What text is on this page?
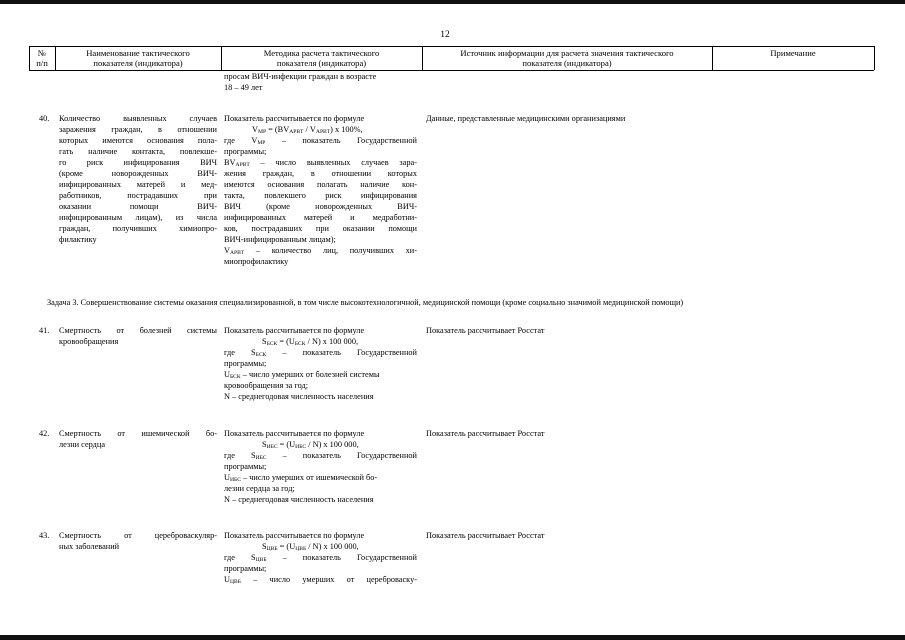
12
№
п/п
Наименование тактического
показателя (индикатора)
Методика расчета тактического
показателя (индикатора)
Источник информации для расчета значения тактического
показателя (индикатора)
Примечание
просам ВИЧ-инфекции граждан в возрасте
18 – 49 лет
40. Количество выявленных случаев
заражения граждан, в отношении
которых имеются основания пола-
гать наличие контакта, повлекше-
го риск инфицирования ВИЧ
(кроме новорожденных ВИЧ-
инфицированных матерей и мед-
работников, пострадавших при
оказании помощи ВИЧ-
инфицированным лицам), из числа
граждан, получивших химиопро-
филактику
Показатель рассчитывается по формуле
VМР = (BVАРВТ / VАРВТ) x 100%,
где VМР – показатель Государственной
программы;
BVАРВТ – число выявленных случаев зара-
жения граждан, в отношении которых
имеются основания полагать наличие кон-
такта, повлекшего риск инфицирования
ВИЧ (кроме новорожденных ВИЧ-
инфицированных матерей и медработни-
ков, пострадавших при оказании помощи
ВИЧ-инфицированным лицам);
VАРВТ – количество лиц, получивших хи-
миопрофилактику
Данные, представленные медицинскими организациями
Задача 3. Совершенствование системы оказания специализированной, в том числе высокотехнологичной, медицинской помощи (кроме социально значимой медицинской помощи)
41. Смертность от болезней системы
кровообращения
Показатель рассчитывается по формуле
SБСК = (UБСК / N) x 100 000,
где SБСК – показатель Государственной
программы;
UБСК – число умерших от болезней системы
кровообращения за год;
N – среднегодовая численность населения
Показатель рассчитывает Росстат
42. Смертность от ишемической бо-
лезни сердца
Показатель рассчитывается по формуле
SИБС = (UИБС / N) x 100 000,
где SИБС – показатель Государственной
программы;
UИБС – число умерших от ишемической бо-
лезни сердца за год;
N – среднегодовая численность населения
Показатель рассчитывает Росстат
43. Смертность от цереброваскуляр-
ных заболеваний
Показатель рассчитывается по формуле
SЦВБ = (UЦВБ / N) x 100 000,
где SЦВБ – показатель Государственной
программы;
UЦВБ – число умерших от цереброваску-
Показатель рассчитывает Росстат
